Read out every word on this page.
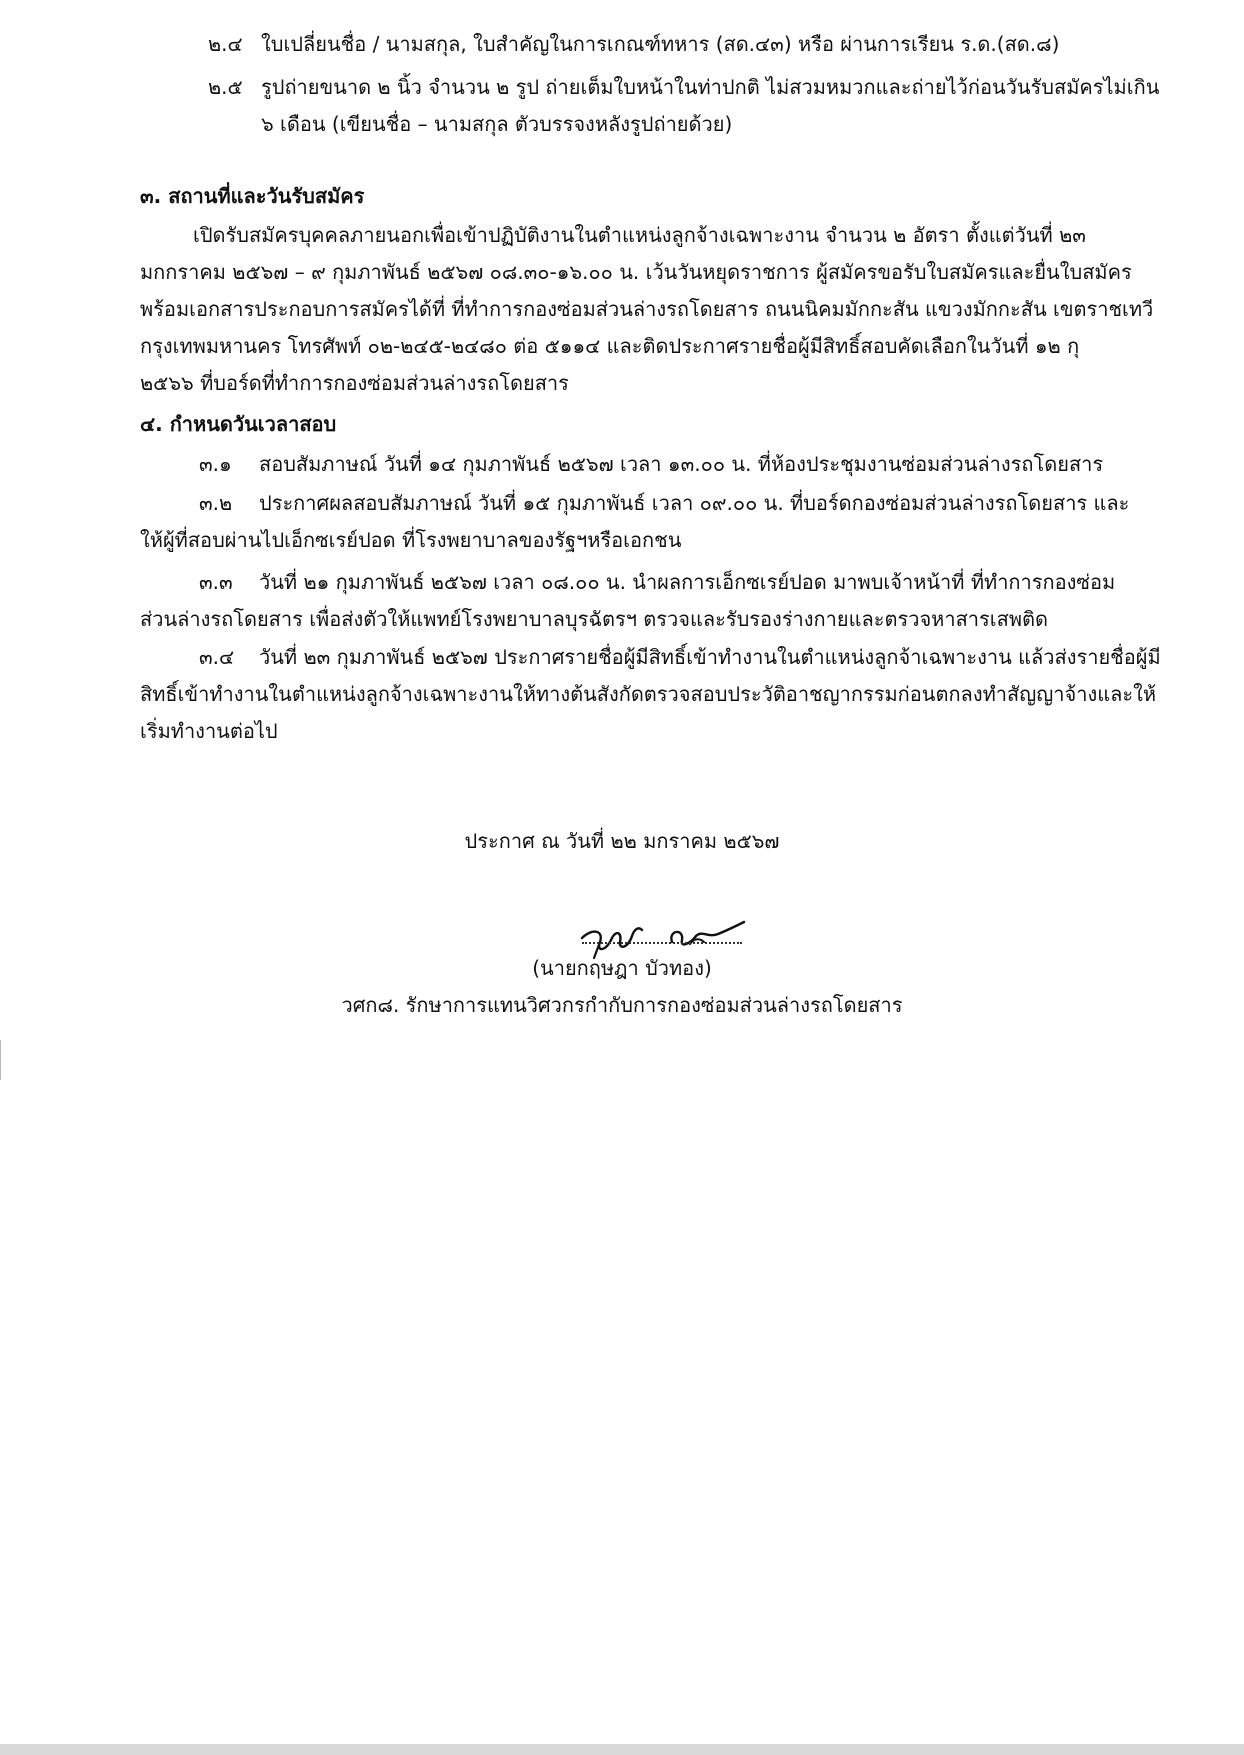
๒.๔ ใบเปลี่ยนชื่อ / นามสกุล, ใบสำคัญในการเกณฑ์ทหาร (สด.๔๓) หรือ ผ่านการเรียน ร.ด.(สด.๘)
๒.๕ รูปถ่ายขนาด ๒ นิ้ว จำนวน ๒ รูป ถ่ายเต็มใบหน้าในท่าปกติ ไม่สวมหมวกและถ่ายไว้ก่อนวันรับสมัครไม่เกิน
๖ เดือน (เขียนชื่อ – นามสกุล ตัวบรรจงหลังรูปถ่ายด้วย)
๓. สถานที่และวันรับสมัคร
เปิดรับสมัครบุคคลภายนอกเพื่อเข้าปฏิบัติงานในตำแหน่งลูกจ้างเฉพาะงาน จำนวน ๒ อัตรา ตั้งแต่วันที่ ๒๓
มกกราคม ๒๕๖๗ – ๙ กุมภาพันธ์ ๒๕๖๗ ๐๘.๓๐-๑๖.๐๐ น. เว้นวันหยุดราชการ ผู้สมัครขอรับใบสมัครและยื่นใบสมัคร
พร้อมเอกสารประกอบการสมัครได้ที่ ที่ทำการกองซ่อมส่วนล่างรถโดยสาร ถนนนิคมมักกะสัน แขวงมักกะสัน เขตราชเทวี
กรุงเทพมหานคร โทรศัพท์ ๐๒-๒๔๕-๒๔๘๐ ต่อ ๕๑๑๔ และติดประกาศรายชื่อผู้มีสิทธิ์สอบคัดเลือกในวันที่ ๑๒ กุ
๒๕๖๖ ที่บอร์ดที่ทำการกองซ่อมส่วนล่างรถโดยสาร
๔. กำหนดวันเวลาสอบ
๓.๑ สอบสัมภาษณ์ วันที่ ๑๔ กุมภาพันธ์ ๒๕๖๗ เวลา ๑๓.๐๐ น. ที่ห้องประชุมงานซ่อมส่วนล่างรถโดยสาร
๓.๒ ประกาศผลสอบสัมภาษณ์ วันที่ ๑๕ กุมภาพันธ์ เวลา ๐๙.๐๐ น. ที่บอร์ดกองซ่อมส่วนล่างรถโดยสาร และ
ให้ผู้ที่สอบผ่านไปเอ็กซเรย์ปอด ที่โรงพยาบาลของรัฐฯหรือเอกชน
๓.๓ วันที่ ๒๑ กุมภาพันธ์ ๒๕๖๗ เวลา ๐๘.๐๐ น. นำผลการเอ็กซเรย์ปอด มาพบเจ้าหน้าที่ ที่ทำการกองซ่อม
ส่วนล่างรถโดยสาร เพื่อส่งตัวให้แพทย์โรงพยาบาลบุรฉัตรฯ ตรวจและรับรองร่างกายและตรวจหาสารเสพติด
๓.๔ วันที่ ๒๓ กุมภาพันธ์ ๒๕๖๗ ประกาศรายชื่อผู้มีสิทธิ์เข้าทำงานในตำแหน่งลูกจ้าเฉพาะงาน แล้วส่งรายชื่อผู้มี
สิทธิ์เข้าทำงานในตำแหน่งลูกจ้างเฉพาะงานให้ทางต้นสังกัดตรวจสอบประวัติอาชญากรรมก่อนตกลงทำสัญญาจ้างและให้
เริ่มทำงานต่อไป
ประกาศ ณ วันที่ ๒๒ มกราคม ๒๕๖๗
(นายกฤษฎา บัวทอง)
วศก๘. รักษาการแทนวิศวกรกำกับการกองซ่อมส่วนล่างรถโดยสาร
